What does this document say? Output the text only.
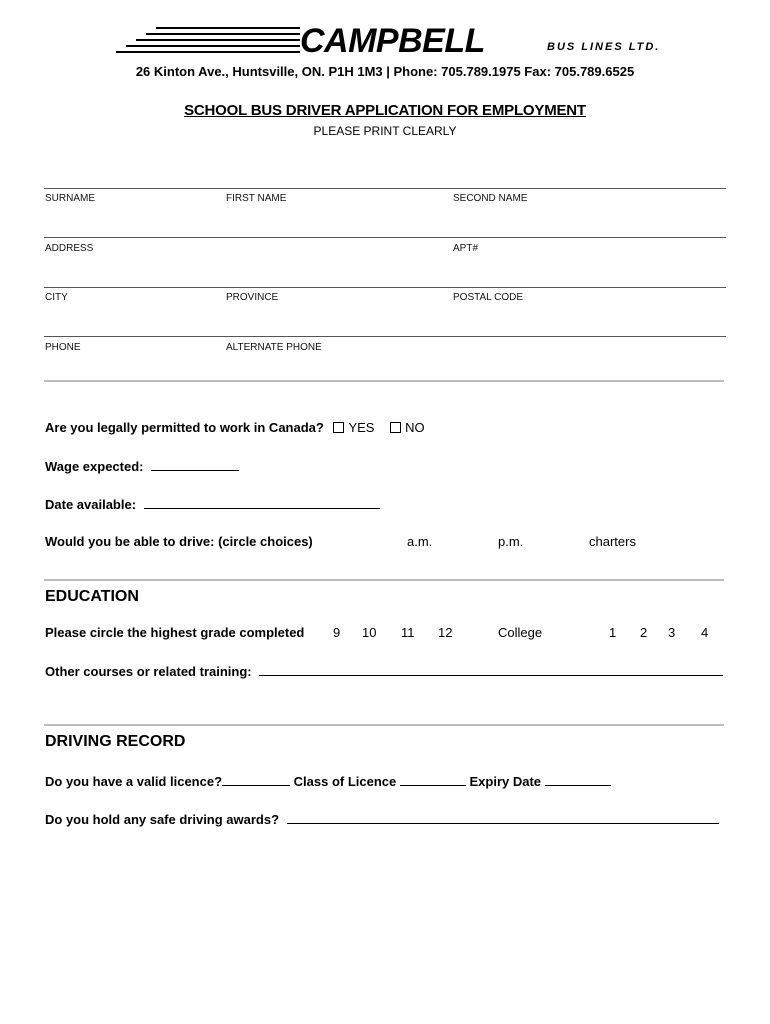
CAMPBELL	BUS LINES LTD.
26 Kinton Ave., Huntsville, ON. P1H 1M3 | Phone: 705.789.1975 Fax: 705.789.6525
SCHOOL BUS DRIVER APPLICATION FOR EMPLOYMENT
PLEASE PRINT CLEARLY
SURNAME	FIRST NAME	SECOND NAME
ADDRESS	APT#
CITY	PROVINCE	POSTAL CODE
PHONE	ALTERNATE PHONE
Are you legally permitted to work in Canada? YES NO
Wage expected:
Date available:
Would you be able to drive: (circle choices)	a.m.	p.m.	charters
EDUCATION
Please circle the highest grade completed 9 10 11 12	College	1 2 3 4
Other courses or related training:
DRIVING RECORD
Do you have a valid licence?	Class of Licence	Expiry Date
Do you hold any safe driving awards?
